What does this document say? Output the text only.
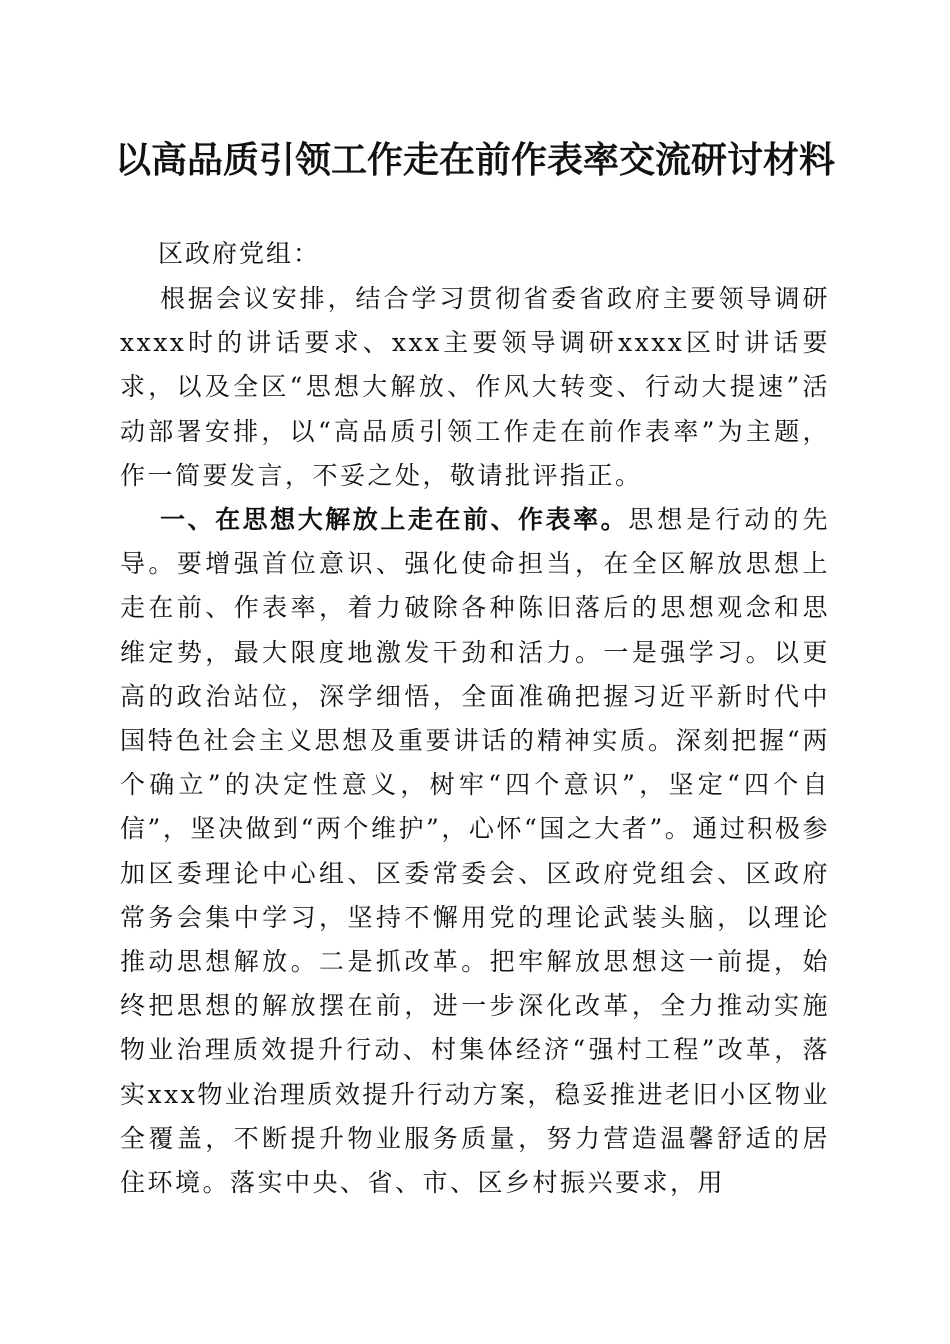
以高品质引领工作走在前作表率交流研讨材料
区政府党组：

根据会议安排，结合学习贯彻省委省政府主要领导调研xxxx时的讲话要求、xxx主要领导调研xxxx区时讲话要求，以及全区“思想大解放、作风大转变、行动大提速”活动部署安排，以“高品质引领工作走在前作表率”为主题，作一简要发言，不妥之处，敬请批评指正。

一、在思想大解放上走在前、作表率。思想是行动的先导。要增强首位意识、强化使命担当，在全区解放思想上走在前、作表率，着力破除各种陈旧落后的思想观念和思维定势，最大限度地激发干劲和活力。一是强学习。以更高的政治站位，深学细悟，全面准确把握习近平新时代中国特色社会主义思想及重要讲话的精神实质。深刻把握“两个确立”的决定性意义，树牢“四个意识”，坚定“四个自信”，坚决做到“两个维护”，心怀“国之大者”。通过积极参加区委理论中心组、区委常委会、区政府党组会、区政府常务会集中学习，坚持不懈用党的理论武装头脑，以理论推动思想解放。二是抓改革。把牢解放思想这一前提，始终把思想的解放摆在前，进一步深化改革，全力推动实施物业治理质效提升行动、村集体经济“强村工程”改革，落实xxx物业治理质效提升行动方案，稳妥推进老旧小区物业全覆盖，不断提升物业服务质量，努力营造温馨舒适的居住环境。落实中央、省、市、区乡村振兴要求，用
